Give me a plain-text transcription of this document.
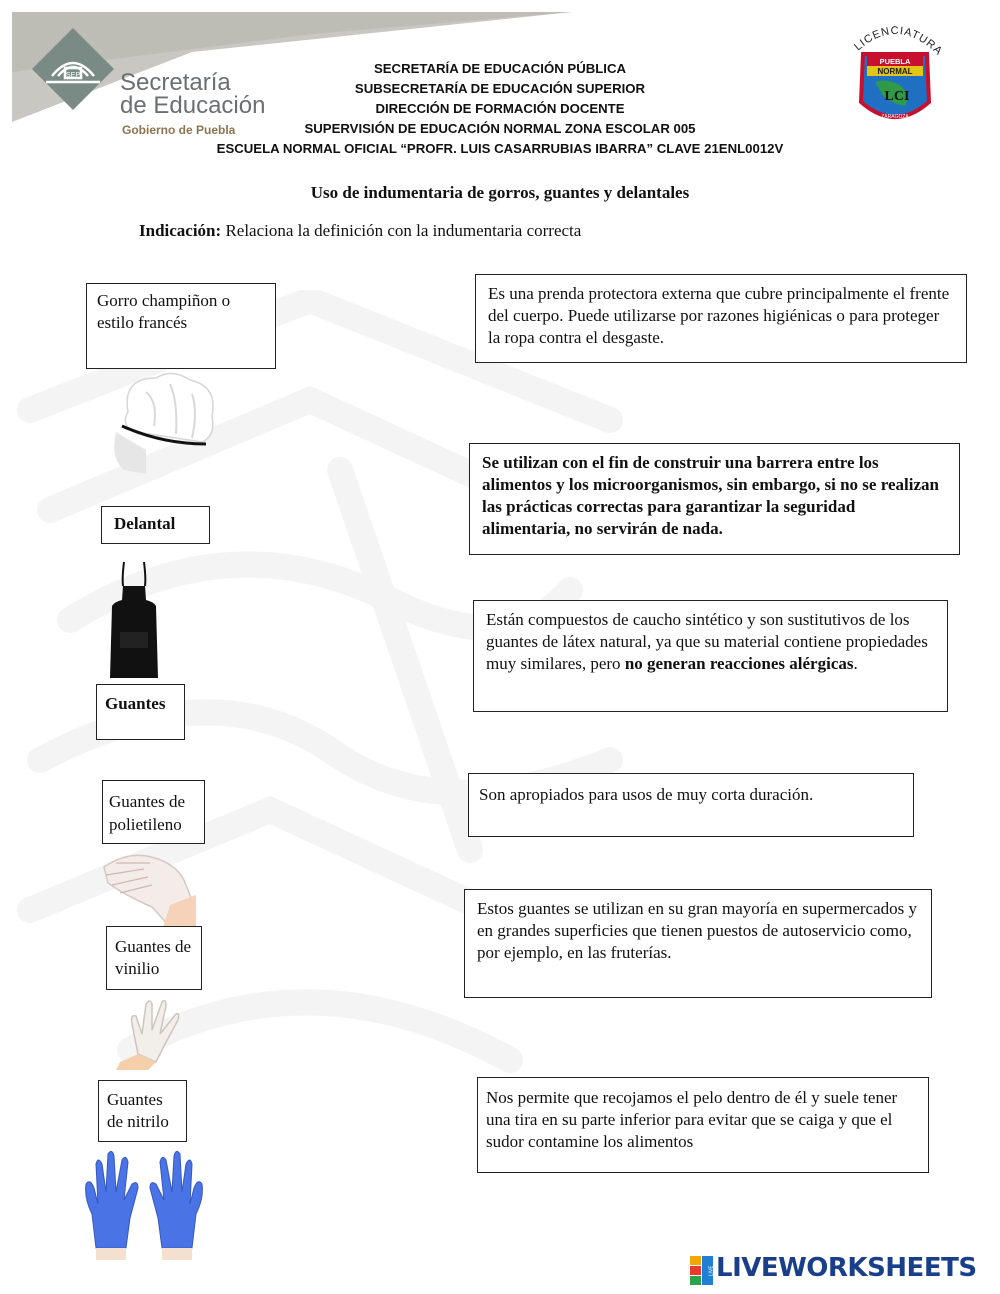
SEP Secretaría
de Educación
Gobierno de Puebla
SECRETARÍA DE EDUCACIÓN PÚBLICA
SUBSECRETARÍA DE EDUCACIÓN SUPERIOR
DIRECCIÓN DE FORMACIÓN DOCENTE
SUPERVISIÓN DE EDUCACIÓN NORMAL ZONA ESCOLAR 005
ESCUELA NORMAL OFICIAL “PROFR. LUIS CASARRUBIAS IBARRA” CLAVE 21ENL0012V
LICENCIATURA
PUEBLA
NORMAL
LCI
ZARAGOZA
Uso de indumentaria de gorros, guantes y delantales
Indicación: Relaciona la definición con la indumentaria correcta
Gorro champiñon o estilo francés
Delantal
Guantes
Guantes de polietileno
Guantes de vinilio
Guantes de nitrilo
Es una prenda protectora externa que cubre principalmente el frente del cuerpo. Puede utilizarse por razones higiénicas o para proteger la ropa contra el desgaste.
Se utilizan con el fin de construir una barrera entre los alimentos y los microorganismos, sin embargo, si no se realizan las prácticas correctas para garantizar la seguridad alimentaria, no servirán de nada.
Están compuestos de caucho sintético y son sustitutivos de los guantes de látex natural, ya que su material contiene propiedades muy similares, pero no generan reacciones alérgicas.
Son apropiados para usos de muy corta duración.
Estos guantes se utilizan en su gran mayoría en supermercados y en grandes superficies que tienen puestos de autoservicio como, por ejemplo, en las fruterías.
Nos permite que recojamos el pelo dentro de él y suele tener una tira en su parte inferior para evitar que se caiga y que el sudor contamine los alimentos
LIVE LIVEWORKSHEETS
